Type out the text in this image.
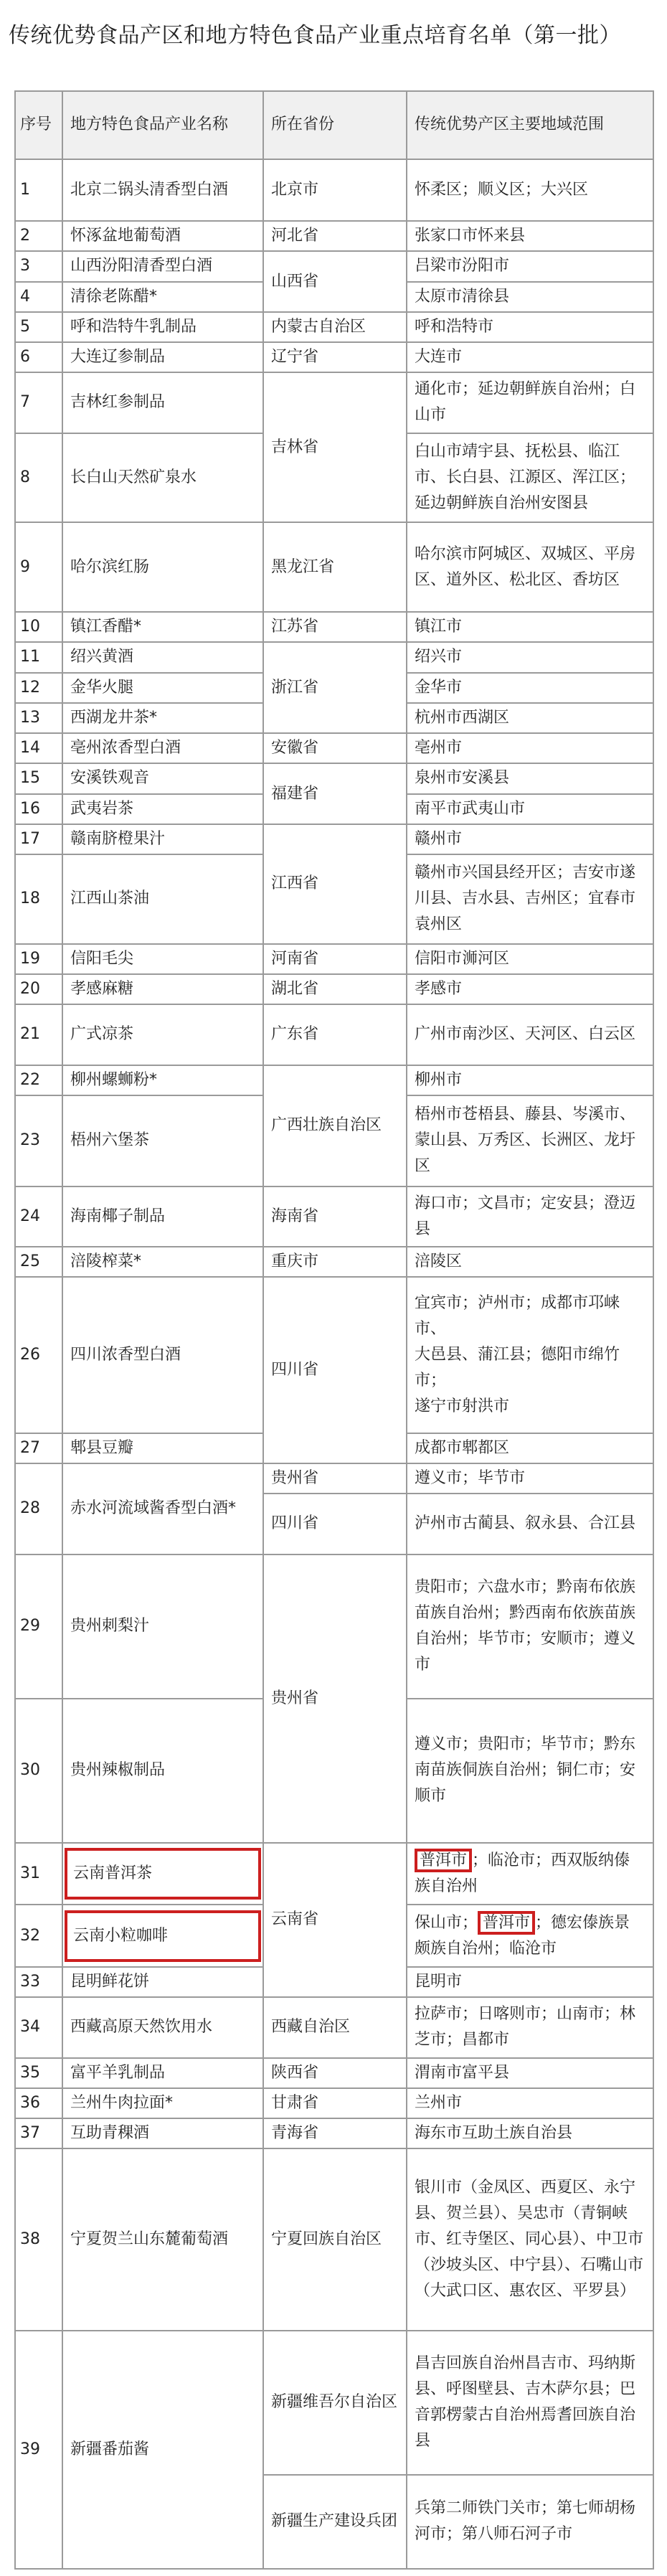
传统优势食品产区和地方特色食品产业重点培育名单（第一批）
序号	地方特色食品产业名称	所在省份	传统优势产区主要地域范围
1	北京二锅头清香型白酒	北京市	怀柔区；顺义区；大兴区
2	怀涿盆地葡萄酒	河北省	张家口市怀来县
3	山西汾阳清香型白酒	山西省	吕梁市汾阳市
4	清徐老陈醋*		太原市清徐县
5	呼和浩特牛乳制品	内蒙古自治区	呼和浩特市
6	大连辽参制品	辽宁省	大连市
7	吉林红参制品	吉林省	通化市；延边朝鲜族自治州；白山市
8	长白山天然矿泉水		白山市靖宇县、抚松县、临江市、长白县、江源区、浑江区；延边朝鲜族自治州安图县
9	哈尔滨红肠	黑龙江省	哈尔滨市阿城区、双城区、平房区、道外区、松北区、香坊区
10	镇江香醋*	江苏省	镇江市
11	绍兴黄酒	浙江省	绍兴市
12	金华火腿		金华市
13	西湖龙井茶*		杭州市西湖区
14	亳州浓香型白酒	安徽省	亳州市
15	安溪铁观音	福建省	泉州市安溪县
16	武夷岩茶		南平市武夷山市
17	赣南脐橙果汁	江西省	赣州市
18	江西山茶油		赣州市兴国县经开区；吉安市遂川县、吉水县、吉州区；宜春市袁州区
19	信阳毛尖	河南省	信阳市浉河区
20	孝感麻糖	湖北省	孝感市
21	广式凉茶	广东省	广州市南沙区、天河区、白云区
22	柳州螺蛳粉*	广西壮族自治区	柳州市
23	梧州六堡茶		梧州市苍梧县、藤县、岑溪市、蒙山县、万秀区、长洲区、龙圩区
24	海南椰子制品	海南省	海口市；文昌市；定安县；澄迈县
25	涪陵榨菜*	重庆市	涪陵区
26	四川浓香型白酒	四川省	宜宾市；泸州市；成都市邛崃市、
大邑县、蒲江县；德阳市绵竹市；
遂宁市射洪市

27	郫县豆瓣		成都市郫都区
28	赤水河流域酱香型白酒*	贵州省	遵义市；毕节市
		四川省	泸州市古蔺县、叙永县、合江县
29	贵州刺梨汁	贵州省	贵阳市；六盘水市；黔南布依族苗族自治州；黔西南布依族苗族自治州；毕节市；安顺市；遵义市
30	贵州辣椒制品		遵义市；贵阳市；毕节市；黔东南苗族侗族自治州；铜仁市；安顺市
31	云南普洱茶	云南省	普洱市 ；临沧市；西双版纳傣族自治州
32	云南小粒咖啡		保山市； 普洱市 ；德宏傣族景颇族自治州；临沧市
33	昆明鲜花饼		昆明市
34	西藏高原天然饮用水	西藏自治区	拉萨市；日喀则市；山南市；林芝市；昌都市
35	富平羊乳制品	陕西省	渭南市富平县
36	兰州牛肉拉面*	甘肃省	兰州市
37	互助青稞酒	青海省	海东市互助土族自治县
38	宁夏贺兰山东麓葡萄酒	宁夏回族自治区	银川市（金凤区、西夏区、永宁县、贺兰县）、吴忠市（青铜峡市、红寺堡区、同心县）、中卫市（沙坡头区、中宁县）、石嘴山市（大武口区、惠农区、平罗县）
39	新疆番茄酱	新疆维吾尔自治区	昌吉回族自治州昌吉市、玛纳斯县、呼图壁县、吉木萨尔县；巴音郭楞蒙古自治州焉耆回族自治县
		新疆生产建设兵团	兵第二师铁门关市；第七师胡杨河市；第八师石河子市
